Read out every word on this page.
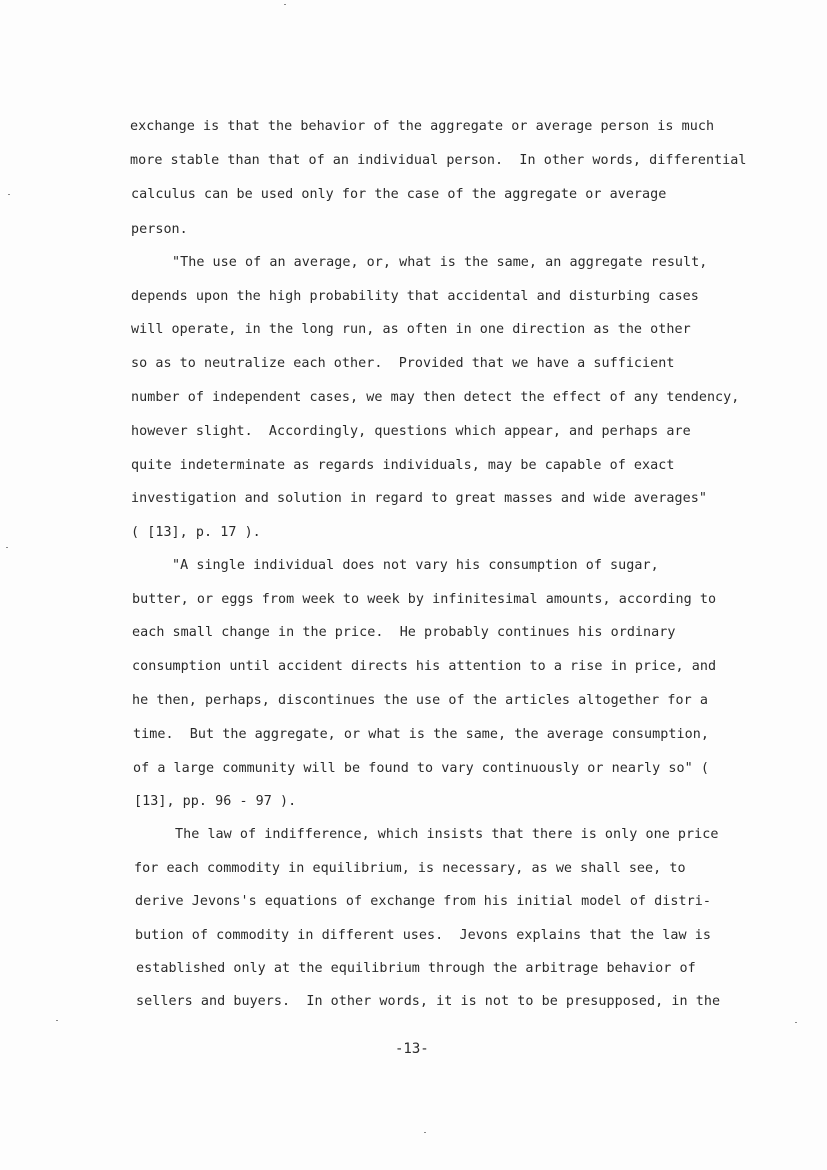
exchange is that the behavior of the aggregate or average person is much
more stable than that of an individual person.  In other words, differential
calculus can be used only for the case of the aggregate or average
person.
"The use of an average, or, what is the same, an aggregate result,
depends upon the high probability that accidental and disturbing cases
will operate, in the long run, as often in one direction as the other
so as to neutralize each other.  Provided that we have a sufficient
number of independent cases, we may then detect the effect of any tendency,
however slight.  Accordingly, questions which appear, and perhaps are
quite indeterminate as regards individuals, may be capable of exact
investigation and solution in regard to great masses and wide averages"
( [13], p. 17 ).
"A single individual does not vary his consumption of sugar,
butter, or eggs from week to week by infinitesimal amounts, according to
each small change in the price.  He probably continues his ordinary
consumption until accident directs his attention to a rise in price, and
he then, perhaps, discontinues the use of the articles altogether for a
time.  But the aggregate, or what is the same, the average consumption,
of a large community will be found to vary continuously or nearly so" (
[13], pp. 96 - 97 ).
The law of indifference, which insists that there is only one price
for each commodity in equilibrium, is necessary, as we shall see, to
derive Jevons's equations of exchange from his initial model of distri-
bution of commodity in different uses.  Jevons explains that the law is
established only at the equilibrium through the arbitrage behavior of
sellers and buyers.  In other words, it is not to be presupposed, in the
-13-
